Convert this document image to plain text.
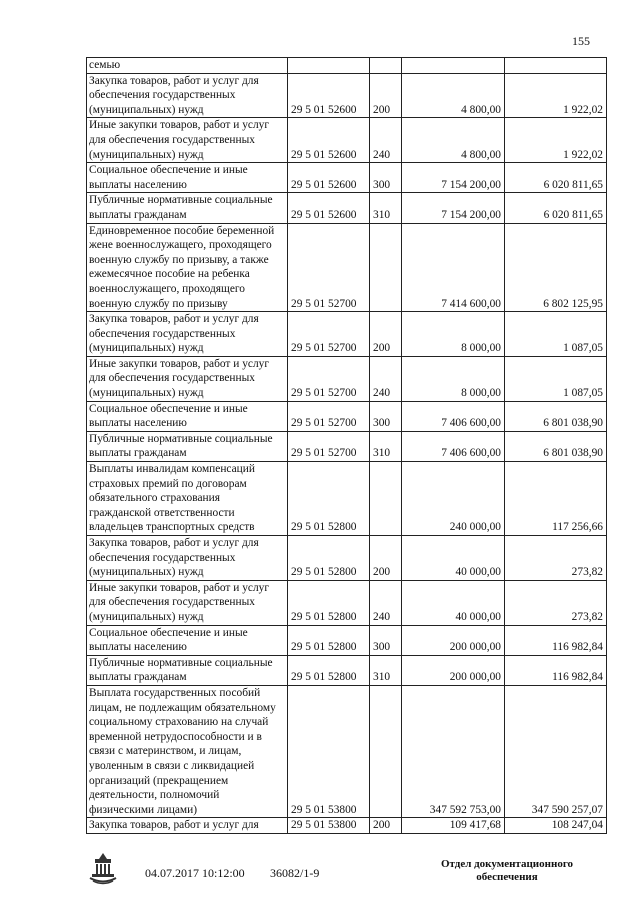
155
семью				
Закупка товаров, работ и услуг для обеспечения государственных (муниципальных) нужд	29 5 01 52600	200	4 800,00	1 922,02
Иные закупки товаров, работ и услуг для обеспечения государственных (муниципальных) нужд	29 5 01 52600	240	4 800,00	1 922,02
Социальное обеспечение и иные выплаты населению	29 5 01 52600	300	7 154 200,00	6 020 811,65
Публичные нормативные социальные выплаты гражданам	29 5 01 52600	310	7 154 200,00	6 020 811,65
Единовременное пособие беременной жене военнослужащего, проходящего военную службу по призыву, а также ежемесячное пособие на ребенка военнослужащего, проходящего военную службу по призыву	29 5 01 52700		7 414 600,00	6 802 125,95
Закупка товаров, работ и услуг для обеспечения государственных (муниципальных) нужд	29 5 01 52700	200	8 000,00	1 087,05
Иные закупки товаров, работ и услуг для обеспечения государственных (муниципальных) нужд	29 5 01 52700	240	8 000,00	1 087,05
Социальное обеспечение и иные выплаты населению	29 5 01 52700	300	7 406 600,00	6 801 038,90
Публичные нормативные социальные выплаты гражданам	29 5 01 52700	310	7 406 600,00	6 801 038,90
Выплаты инвалидам компенсаций страховых премий по договорам обязательного страхования гражданской ответственности владельцев транспортных средств	29 5 01 52800		240 000,00	117 256,66
Закупка товаров, работ и услуг для обеспечения государственных (муниципальных) нужд	29 5 01 52800	200	40 000,00	273,82
Иные закупки товаров, работ и услуг для обеспечения государственных (муниципальных) нужд	29 5 01 52800	240	40 000,00	273,82
Социальное обеспечение и иные выплаты населению	29 5 01 52800	300	200 000,00	116 982,84
Публичные нормативные социальные выплаты гражданам	29 5 01 52800	310	200 000,00	116 982,84
Выплата государственных пособий лицам, не подлежащим обязательному социальному страхованию на случай временной нетрудоспособности и в связи с материнством, и лицам, уволенным в связи с ликвидацией организаций (прекращением деятельности, полномочий физическими лицами)	29 5 01 53800		347 592 753,00	347 590 257,07
Закупка товаров, работ и услуг для	29 5 01 53800	200	109 417,68	108 247,04
04.07.2017 10:12:00 36082/1-9
Отдел документационного
обеспечения
